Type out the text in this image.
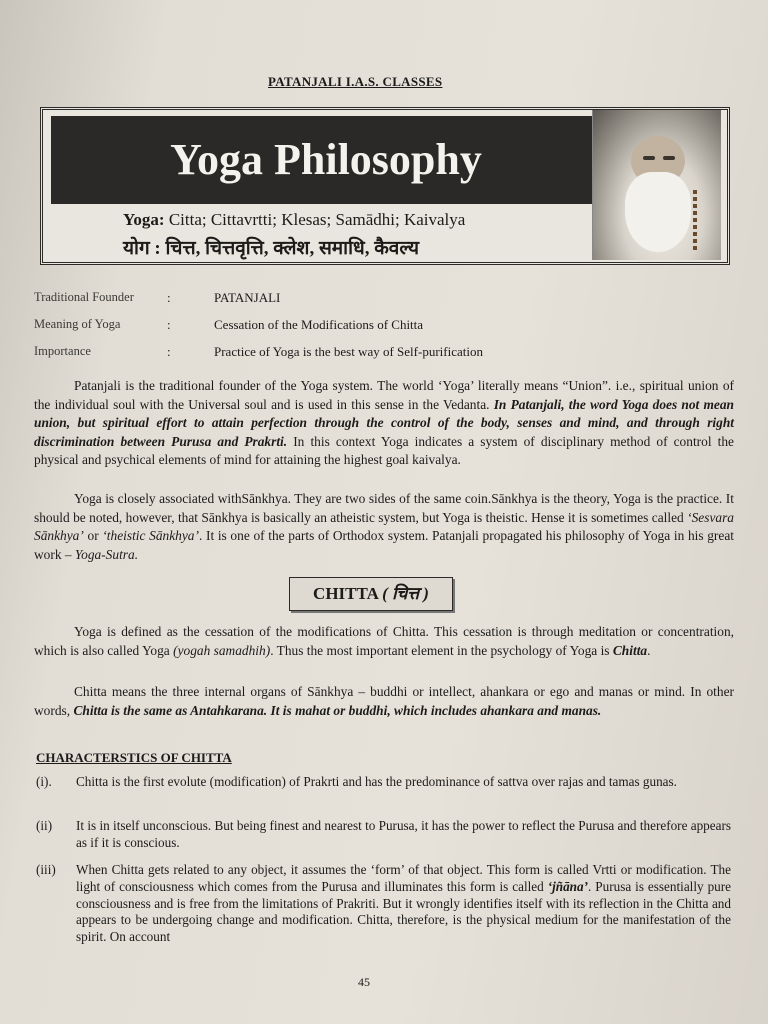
PATANJALI I.A.S. CLASSES
Yoga Philosophy
Yoga: Citta; Cittavrtti; Klesas; Samādhi; Kaivalya
योग : चित्त, चित्तवृत्ति, क्लेश, समाधि, कैवल्य
Traditional Founder	:	PATANJALI
Meaning of Yoga	:	Cessation of the Modifications of Chitta
Importance	:	Practice of Yoga is the best way of Self-purification
Patanjali is the traditional founder of the Yoga system. The world ‘Yoga’ literally means “Union”. i.e., spiritual union of the individual soul with the Universal soul and is used in this sense in the Vedanta. In Patanjali, the word Yoga does not mean union, but spiritual effort to attain perfection through the control of the body, senses and mind, and through right discrimination between Purusa and Prakrti. In this context Yoga indicates a system of disciplinary method of control the physical and psychical elements of mind for attaining the highest goal kaivalya.
Yoga is closely associated withSānkhya. They are two sides of the same coin.Sānkhya is the theory, Yoga is the practice. It should be noted, however, that Sānkhya is basically an atheistic system, but Yoga is theistic. Hense it is sometimes called ‘Sesvara Sānkhya’ or ‘theistic Sānkhya’. It is one of the parts of Orthodox system. Patanjali propagated his philosophy of Yoga in his great work – Yoga-Sutra.
CHITTA ( चित्त )
Yoga is defined as the cessation of the modifications of Chitta. This cessation is through meditation or concentration, which is also called Yoga (yogah samadhih). Thus the most important element in the psychology of Yoga is Chitta.
Chitta means the three internal organs of Sānkhya – buddhi or intellect, ahankara or ego and manas or mind. In other words, Chitta is the same as Antahkarana. It is mahat or buddhi, which includes ahankara and manas.
CHARACTERSTICS OF CHITTA
(i). Chitta is the first evolute (modification) of Prakrti and has the predominance of sattva over rajas and tamas gunas.
(ii) It is in itself unconscious. But being finest and nearest to Purusa, it has the power to reflect the Purusa and therefore appears as if it is conscious.
(iii) When Chitta gets related to any object, it assumes the ‘form’ of that object. This form is called Vrtti or modification. The light of consciousness which comes from the Purusa and illuminates this form is called ‘jñāna’. Purusa is essentially pure consciousness and is free from the limitations of Prakriti. But it wrongly identifies itself with its reflection in the Chitta and appears to be undergoing change and modification. Chitta, therefore, is the physical medium for the manifestation of the spirit. On account
45
